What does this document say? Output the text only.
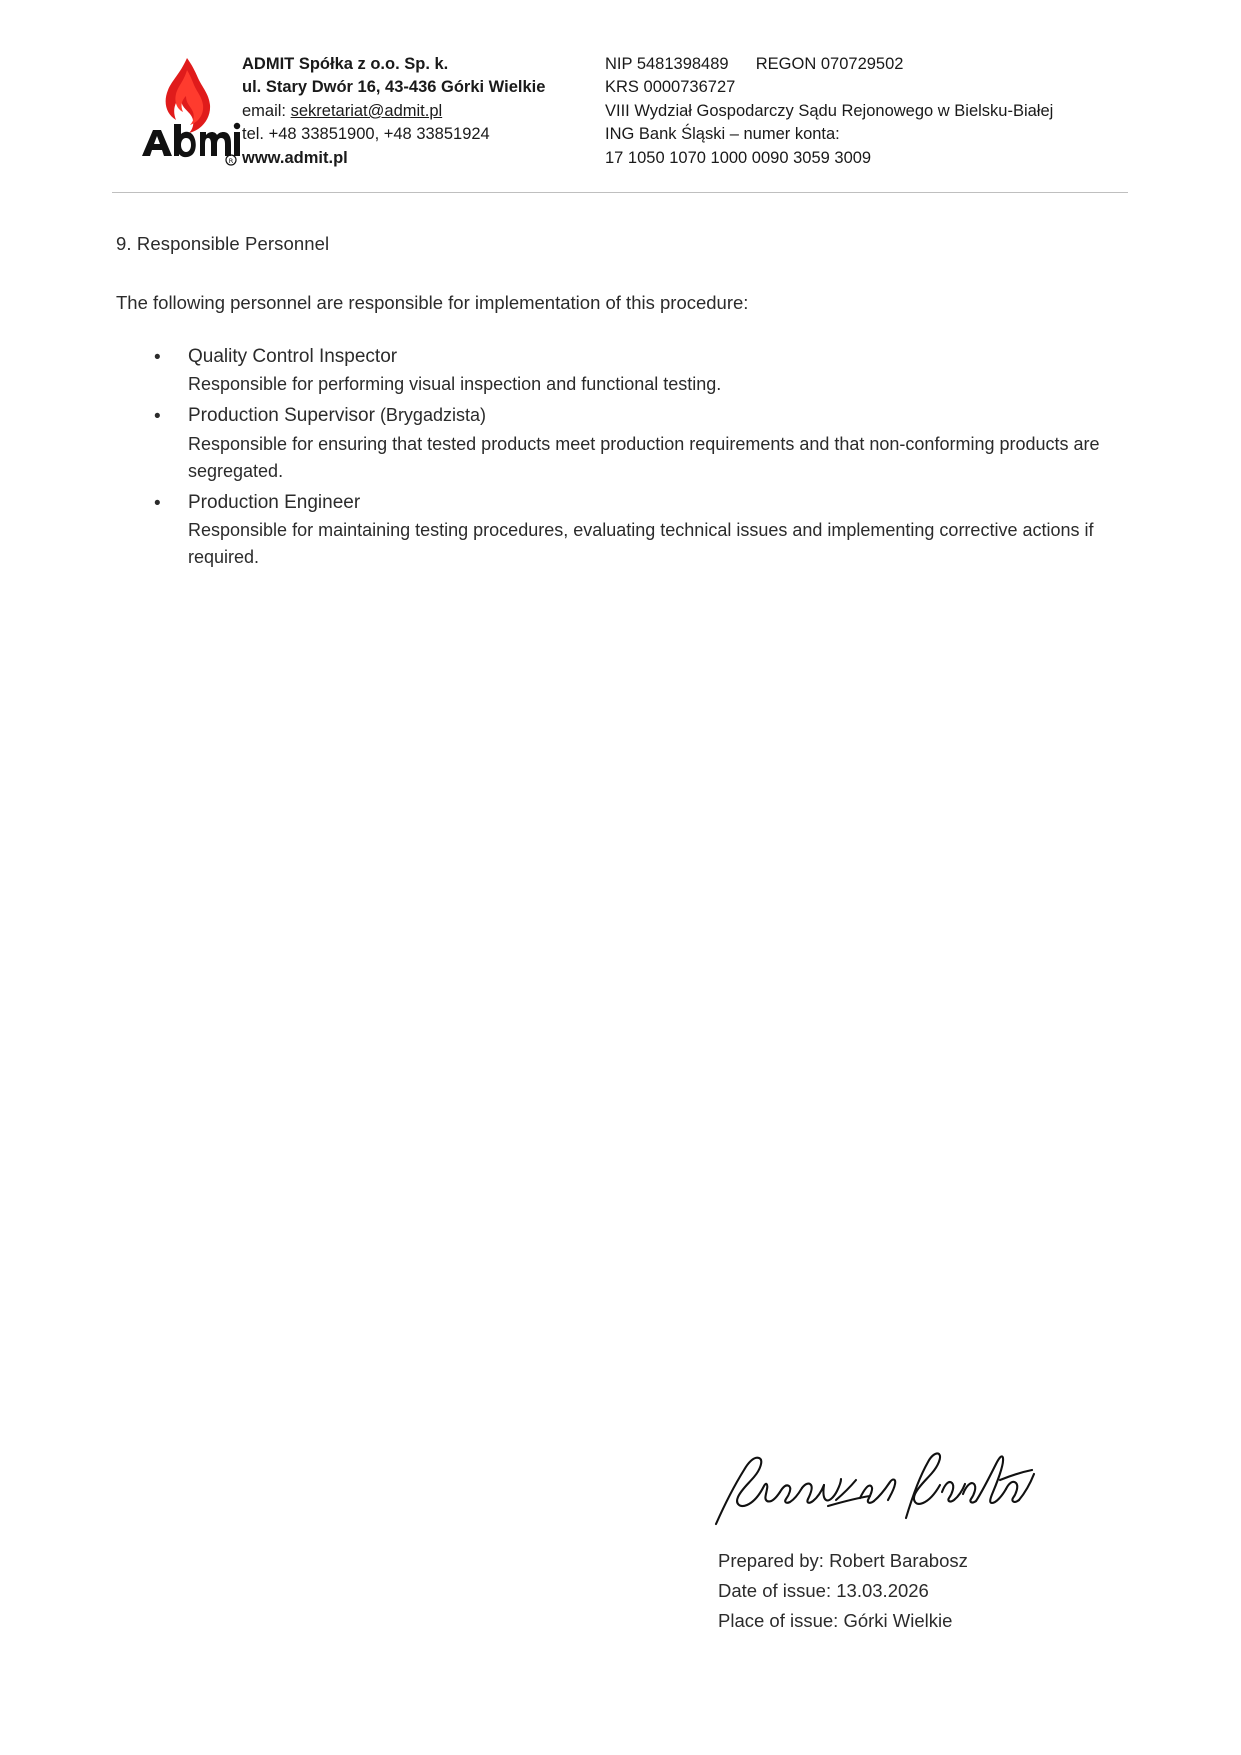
R
ADMIT Spółka z o.o. Sp. k.
ul. Stary Dwór 16, 43-436 Górki Wielkie
email: sekretariat@admit.pl
tel. +48 33851900, +48 33851924
www.admit.pl
NIP 5481398489 REGON 070729502
KRS 0000736727
VIII Wydział Gospodarczy Sądu Rejonowego w Bielsku-Białej
ING Bank Śląski – numer konta:
17 1050 1070 1000 0090 3059 3009
9. Responsible Personnel

The following personnel are responsible for implementation of this procedure:

• Quality Control Inspector

Responsible for performing visual inspection and functional testing.

• Production Supervisor (Brygadzista)

Responsible for ensuring that tested products meet production requirements and that non-conforming products are segregated.

• Production Engineer

Responsible for maintaining testing procedures, evaluating technical issues and implementing corrective actions if required.

Prepared by: Robert Barabosz
Date of issue: 13.03.2026
Place of issue: Górki Wielkie
